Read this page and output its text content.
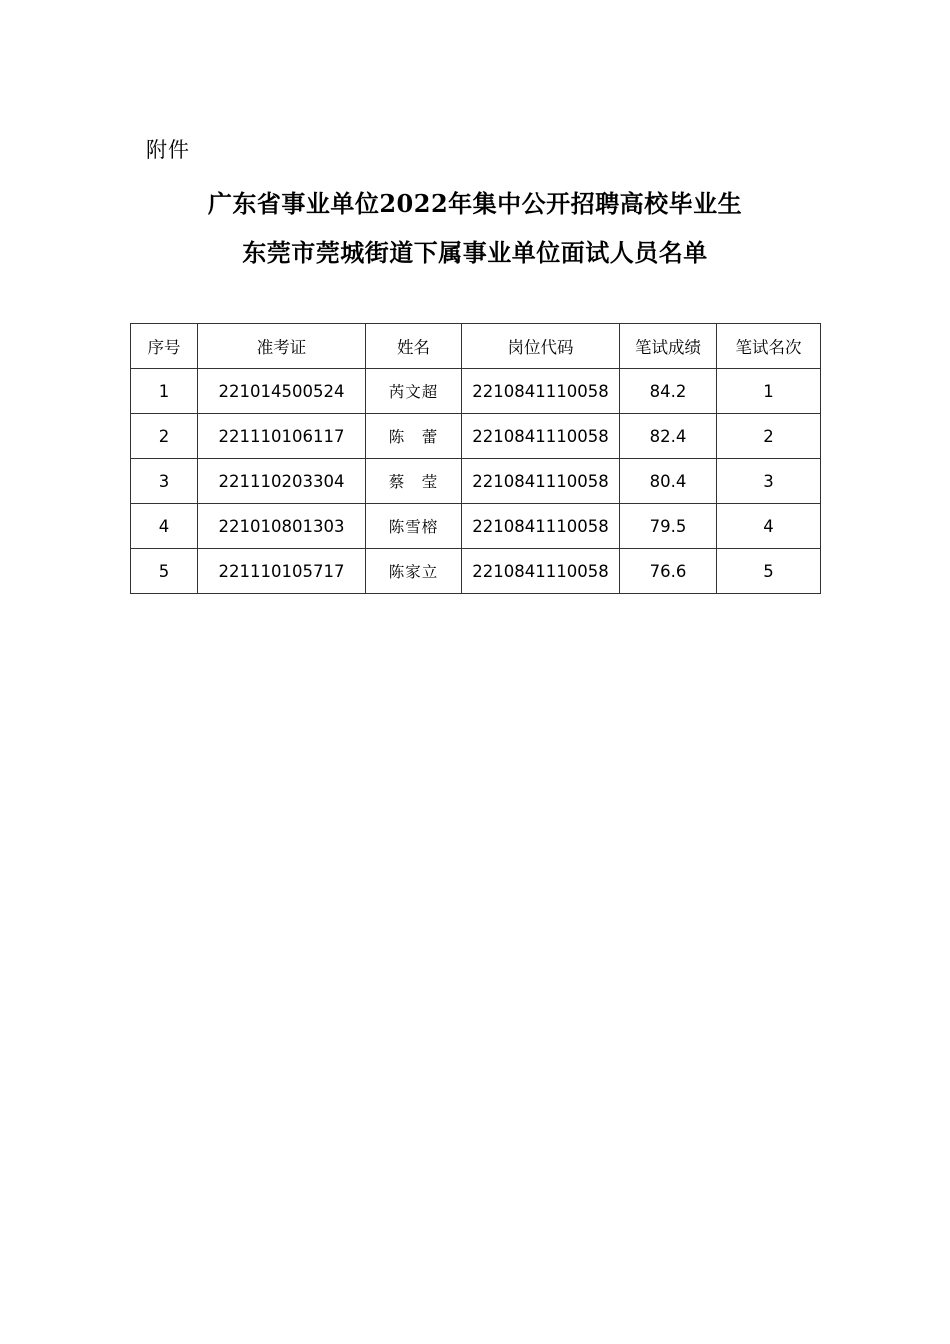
附件
广东省事业单位2022年集中公开招聘高校毕业生
东莞市莞城街道下属事业单位面试人员名单
序号	准考证	姓名	岗位代码	笔试成绩	笔试名次
1	221014500524	芮文超	2210841110058	84.2	1
2	221110106117	陈　蕾	2210841110058	82.4	2
3	221110203304	蔡　莹	2210841110058	80.4	3
4	221010801303	陈雪榕	2210841110058	79.5	4
5	221110105717	陈家立	2210841110058	76.6	5
